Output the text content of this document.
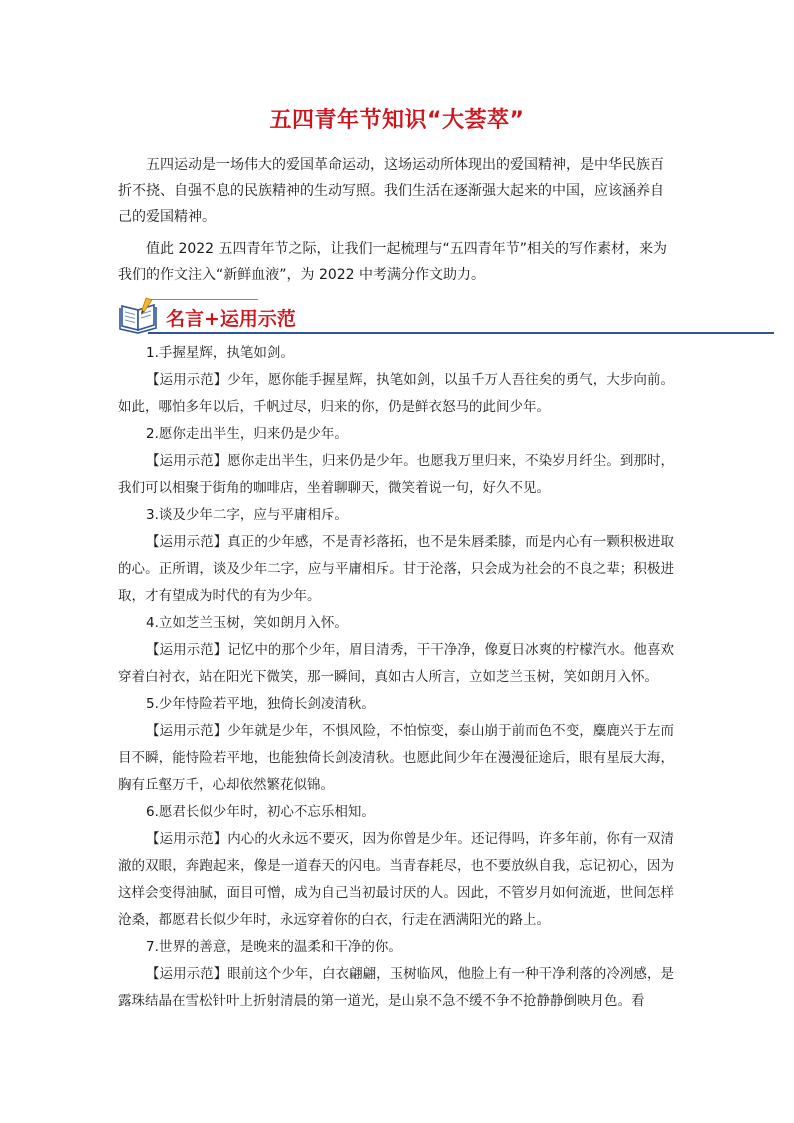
五四青年节知识“大荟萃”

五四运动是一场伟大的爱国革命运动，这场运动所体现出的爱国精神，是中华民族百折不挠、自强不息的民族精神的生动写照。我们生活在逐渐强大起来的中国，应该涵养自己的爱国精神。

值此 2022 五四青年节之际，让我们一起梳理与“五四青年节”相关的写作素材，来为我们的作文注入“新鲜血液”，为 2022 中考满分作文助力。

名言+运用示范

1.手握星辉，执笔如剑。

【运用示范】少年，愿你能手握星辉，执笔如剑，以虽千万人吾往矣的勇气，大步向前。如此，哪怕多年以后，千帆过尽，归来的你，仍是鲜衣怒马的此间少年。

2.愿你走出半生，归来仍是少年。

【运用示范】愿你走出半生，归来仍是少年。也愿我万里归来，不染岁月纤尘。到那时，我们可以相聚于街角的咖啡店，坐着聊聊天，微笑着说一句，好久不见。

3.谈及少年二字，应与平庸相斥。

【运用示范】真正的少年感，不是青衫落拓，也不是朱唇柔膝，而是内心有一颗积极进取的心。正所谓，谈及少年二字，应与平庸相斥。甘于沦落，只会成为社会的不良之辈；积极进取，才有望成为时代的有为少年。

4.立如芝兰玉树，笑如朗月入怀。

【运用示范】记忆中的那个少年，眉目清秀，干干净净，像夏日冰爽的柠檬汽水。他喜欢穿着白衬衣，站在阳光下微笑，那一瞬间，真如古人所言，立如芝兰玉树，笑如朗月入怀。

5.少年恃险若平地，独倚长剑凌清秋。

【运用示范】少年就是少年，不惧风险，不怕惊变，泰山崩于前而色不变，麋鹿兴于左而目不瞬，能恃险若平地，也能独倚长剑凌清秋。也愿此间少年在漫漫征途后，眼有星辰大海，胸有丘壑万千，心却依然繁花似锦。

6.愿君长似少年时，初心不忘乐相知。

【运用示范】内心的火永远不要灭，因为你曾是少年。还记得吗，许多年前，你有一双清澈的双眼，奔跑起来，像是一道春天的闪电。当青春耗尽，也不要放纵自我，忘记初心，因为这样会变得油腻，面目可憎，成为自己当初最讨厌的人。因此，不管岁月如何流逝，世间怎样沧桑，都愿君长似少年时，永远穿着你的白衣，行走在洒满阳光的路上。

7.世界的善意，是晚来的温柔和干净的你。

【运用示范】眼前这个少年，白衣翩翩，玉树临风，他脸上有一种干净利落的冷冽感，是露珠结晶在雪松针叶上折射清晨的第一道光，是山泉不急不缓不争不抢静静倒映月色。看
